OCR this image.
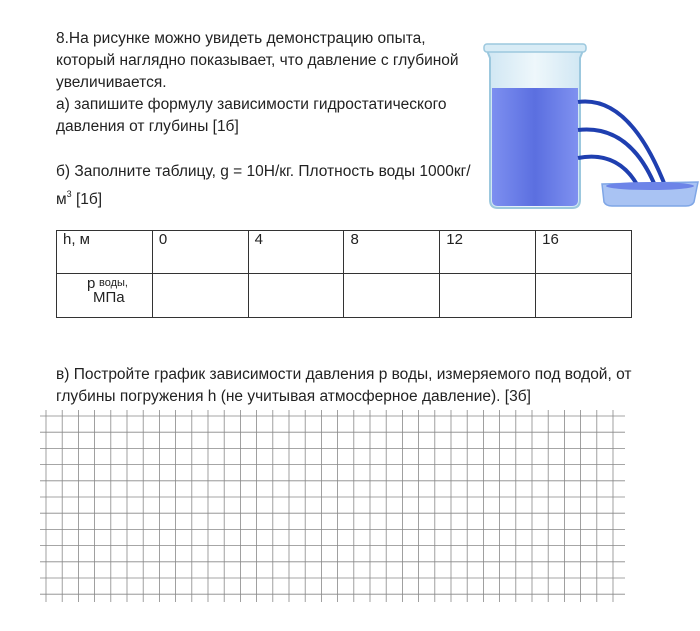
8.На рисунке можно увидеть демонстрацию опыта, который наглядно показывает, что давление с глубиной увеличивается.

а) запишите формулу зависимости гидростатического давления от глубины [1б]

б) Заполните таблицу, g = 10Н/кг. Плотность воды $1000кг/м^3$ [1б]

h, м	0	4	8	12	16

р воды,
МПа					

в) Постройте график зависимости давления р воды, измеряемого под водой, от глубины погружения h (не учитывая атмосферное давление). [3б]
